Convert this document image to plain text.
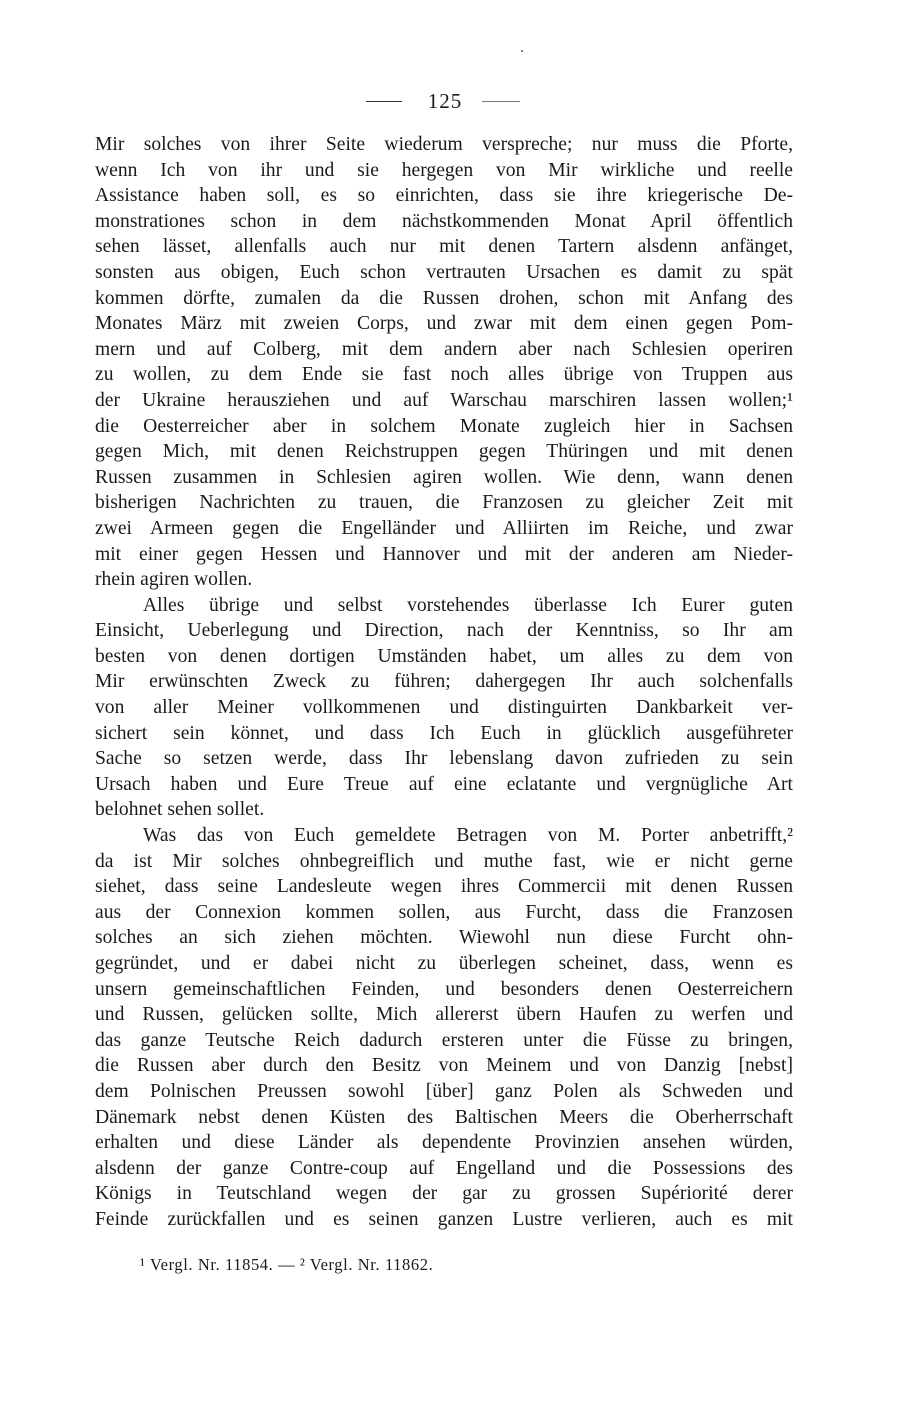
125
Mir solches von ihrer Seite wiederum verspreche; nur muss die Pforte,
wenn Ich von ihr und sie hergegen von Mir wirkliche und reelle
Assistance haben soll, es so einrichten, dass sie ihre kriegerische De-
monstrationes schon in dem nächstkommenden Monat April öffentlich
sehen lässet, allenfalls auch nur mit denen Tartern alsdenn anfänget,
sonsten aus obigen, Euch schon vertrauten Ursachen es damit zu spät
kommen dörfte, zumalen da die Russen drohen, schon mit Anfang des
Monates März mit zweien Corps, und zwar mit dem einen gegen Pom-
mern und auf Colberg, mit dem andern aber nach Schlesien operiren
zu wollen, zu dem Ende sie fast noch alles übrige von Truppen aus
der Ukraine herausziehen und auf Warschau marschiren lassen wollen;¹
die Oesterreicher aber in solchem Monate zugleich hier in Sachsen
gegen Mich, mit denen Reichstruppen gegen Thüringen und mit denen
Russen zusammen in Schlesien agiren wollen. Wie denn, wann denen
bisherigen Nachrichten zu trauen, die Franzosen zu gleicher Zeit mit
zwei Armeen gegen die Engelländer und Alliirten im Reiche, und zwar
mit einer gegen Hessen und Hannover und mit der anderen am Nieder-
rhein agiren wollen.
Alles übrige und selbst vorstehendes überlasse Ich Eurer guten
Einsicht, Ueberlegung und Direction, nach der Kenntniss, so Ihr am
besten von denen dortigen Umständen habet, um alles zu dem von
Mir erwünschten Zweck zu führen; dahergegen Ihr auch solchenfalls
von aller Meiner vollkommenen und distinguirten Dankbarkeit ver-
sichert sein könnet, und dass Ich Euch in glücklich ausgeführeter
Sache so setzen werde, dass Ihr lebenslang davon zufrieden zu sein
Ursach haben und Eure Treue auf eine eclatante und vergnügliche Art
belohnet sehen sollet.
Was das von Euch gemeldete Betragen von M. Porter anbetrifft,²
da ist Mir solches ohnbegreiflich und muthe fast, wie er nicht gerne
siehet, dass seine Landesleute wegen ihres Commercii mit denen Russen
aus der Connexion kommen sollen, aus Furcht, dass die Franzosen
solches an sich ziehen möchten. Wiewohl nun diese Furcht ohn-
gegründet, und er dabei nicht zu überlegen scheinet, dass, wenn es
unsern gemeinschaftlichen Feinden, und besonders denen Oesterreichern
und Russen, gelücken sollte, Mich allererst übern Haufen zu werfen und
das ganze Teutsche Reich dadurch ersteren unter die Füsse zu bringen,
die Russen aber durch den Besitz von Meinem und von Danzig [nebst]
dem Polnischen Preussen sowohl [über] ganz Polen als Schweden und
Dänemark nebst denen Küsten des Baltischen Meers die Oberherrschaft
erhalten und diese Länder als dependente Provinzien ansehen würden,
alsdenn der ganze Contre-coup auf Engelland und die Possessions des
Königs in Teutschland wegen der gar zu grossen Supériorité derer
Feinde zurückfallen und es seinen ganzen Lustre verlieren, auch es mit
¹ Vergl. Nr. 11854. — ² Vergl. Nr. 11862.
